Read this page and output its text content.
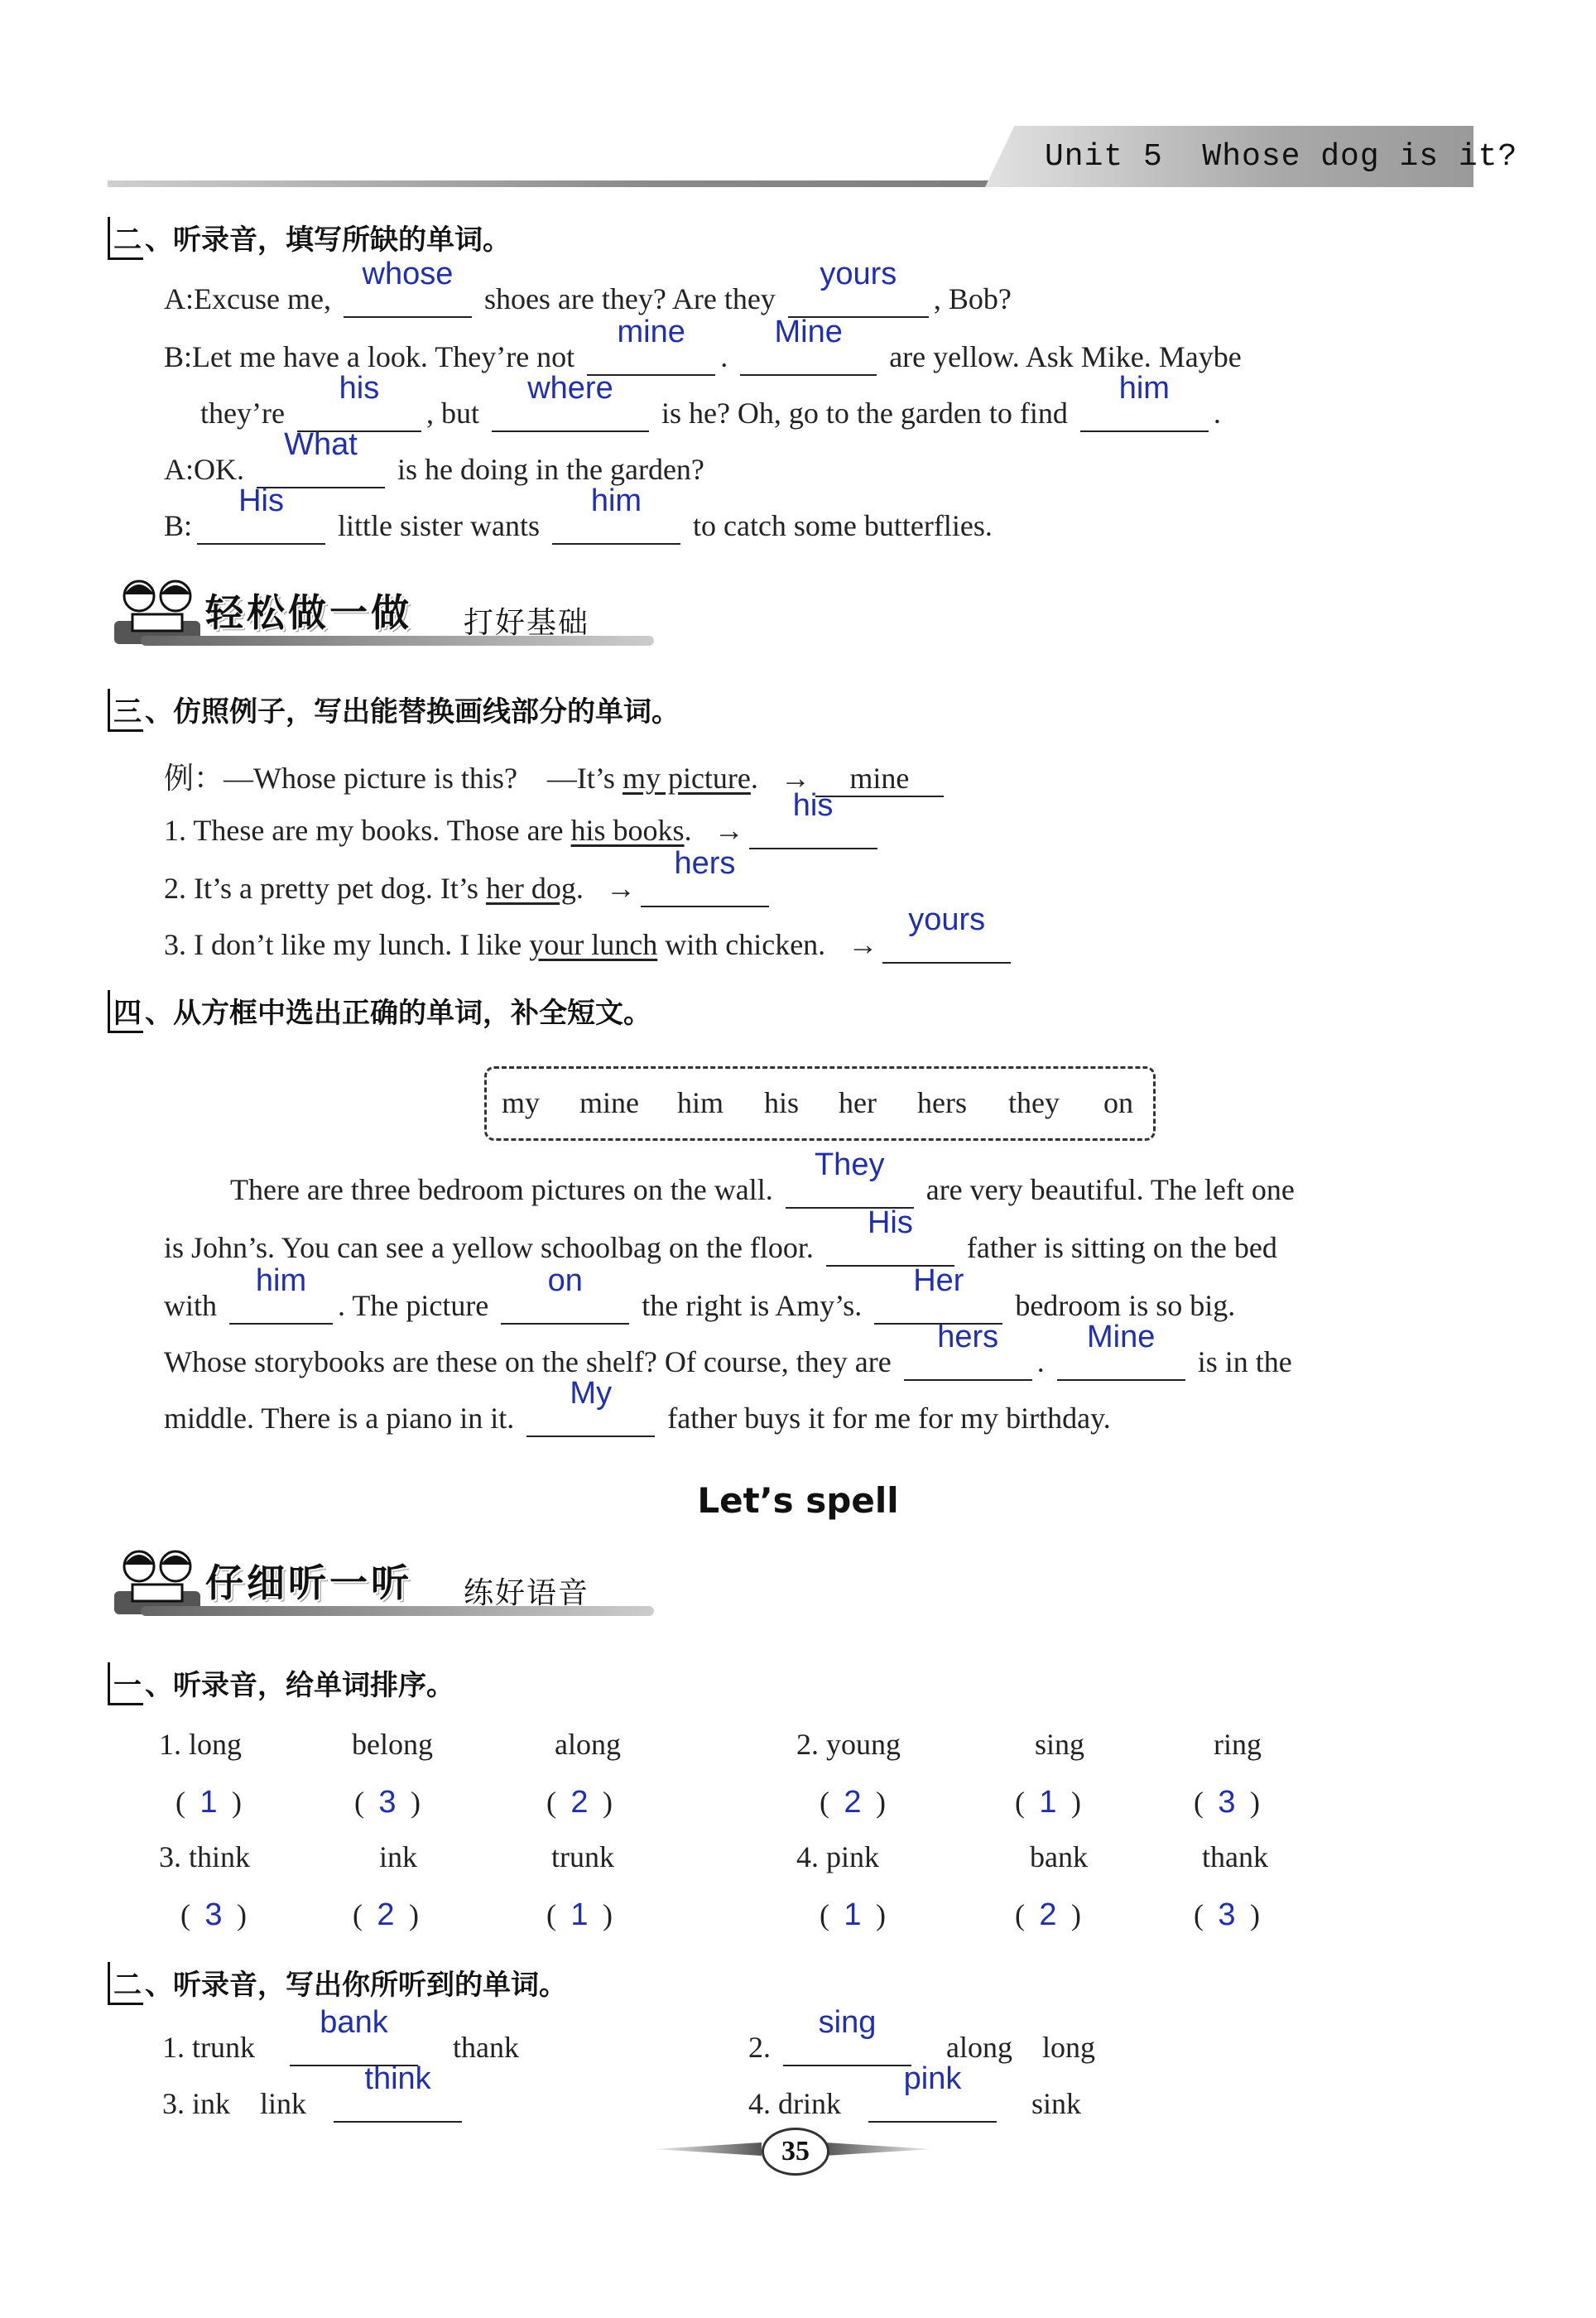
Unit 5  Whose dog is it?
二 、听录音，填写所缺的单词。
A:Excuse me,
whose
shoes are they? Are they
yours
, Bob?
B:Let me have a look. They’re not
mine
.
Mine
are yellow. Ask Mike. Maybe
they’re
his
, but
where
is he? Oh, go to the garden to find
him
.
A:OK.
What
is he doing in the garden?
B:
His
little sister wants
him
to catch some butterflies.
轻松做一做 打好基础
三 、仿照例子，写出能替换画线部分的单词。
例：—Whose picture is this? —It’s my picture. → mine
1. These are my books. Those are his books. →
his

2. It’s a pretty pet dog. It’s her dog. →
hers

3. I don’t like my lunch. I like your lunch with chicken. →
yours

四 、从方框中选出正确的单词，补全短文。
my mine him his her hers they on
There are three bedroom pictures on the wall.
They
are very beautiful. The left one
is John’s. You can see a yellow schoolbag on the floor.
His
father is sitting on the bed
with
him
. The picture
on
the right is Amy’s.
Her
bedroom is so big.
Whose storybooks are these on the shelf? Of course, they are
hers
.
Mine
is in the
middle. There is a piano in it.
My
father buys it for me for my birthday.
Let’s spell
仔细听一听 练好语音
一 、听录音，给单词排序。
1. long	belong	along	2. young	sing	ring
( 1 )	( 3 )	( 2 )	( 2 )	( 1 )	( 3 )
3. think	ink	trunk	4. pink	bank	thank
( 3 )	( 2 )	( 1 )	( 1 )	( 2 )	( 3 )
二 、听录音，写出你所听到的单词。
1. trunk
bank
thank	2.
sing
along long
3. ink link
think

4. drink
pink
sink
35
